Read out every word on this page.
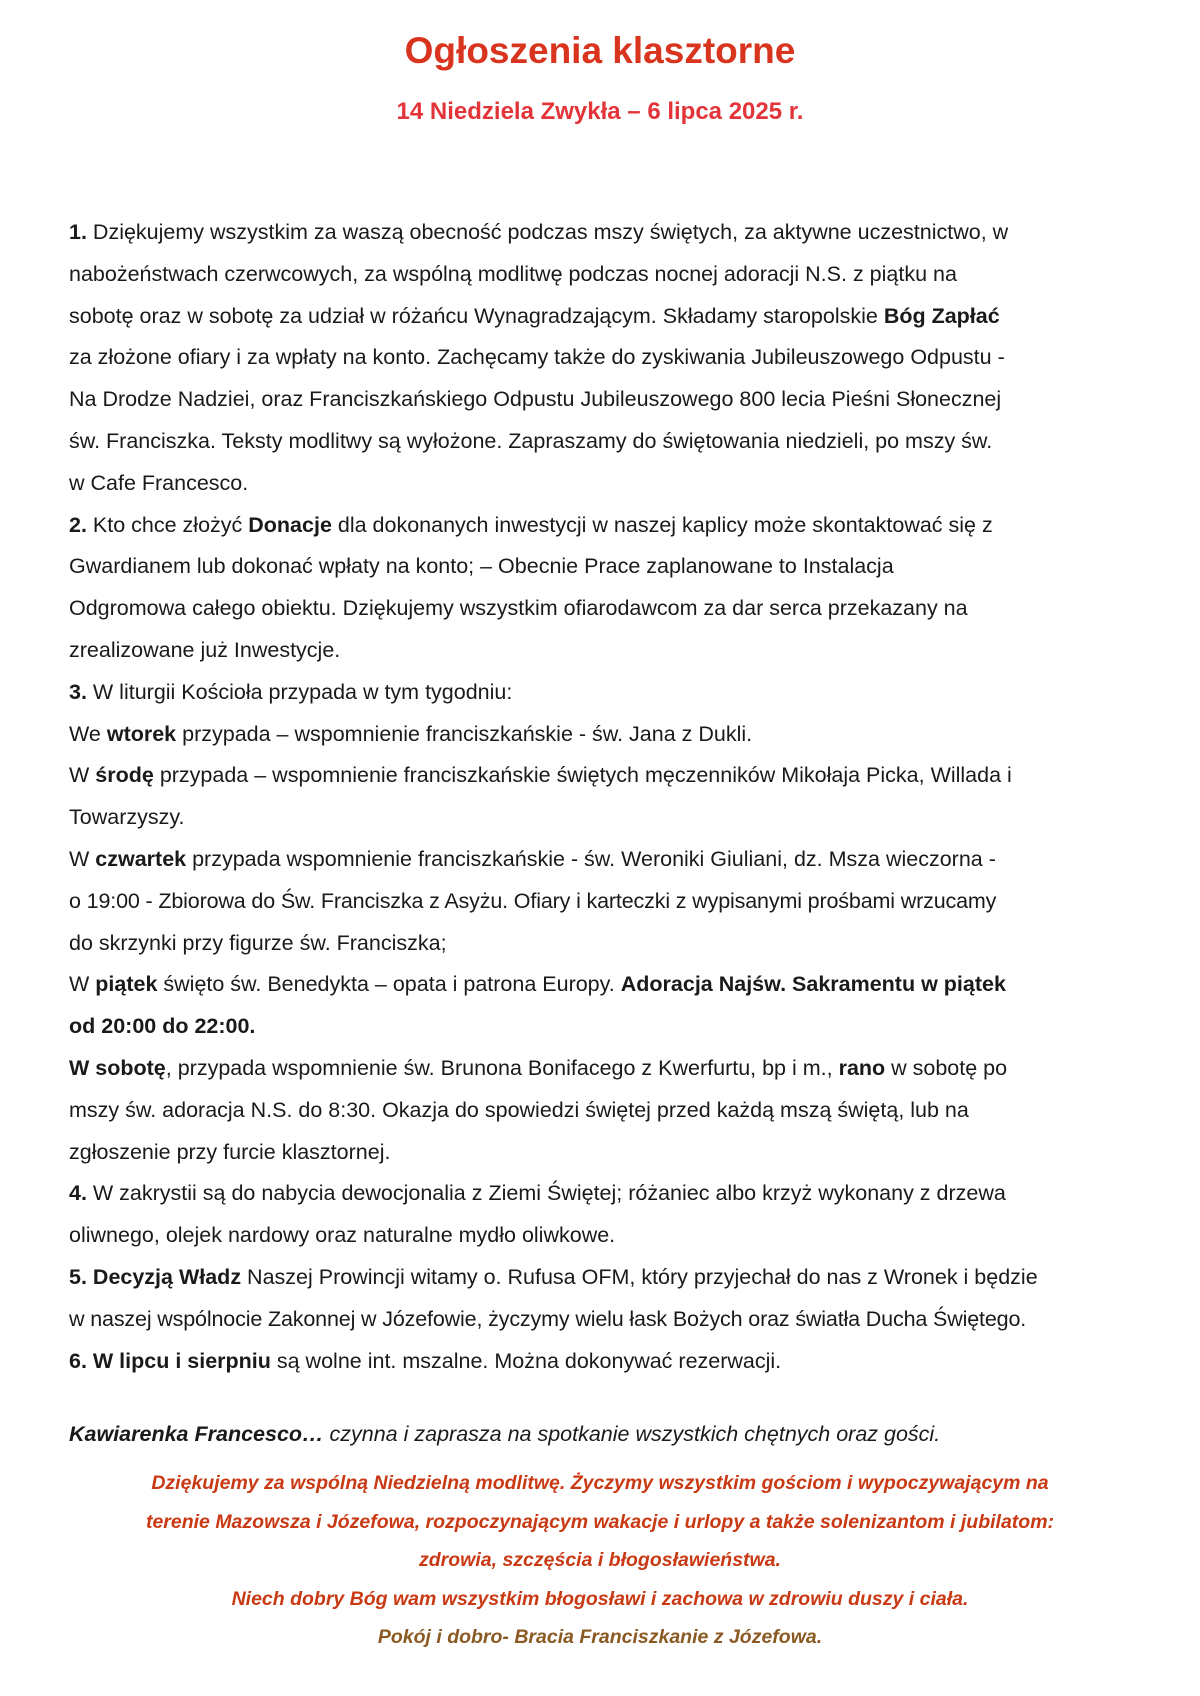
Ogłoszenia klasztorne
14 Niedziela Zwykła – 6 lipca 2025 r.
1. Dziękujemy wszystkim za waszą obecność podczas mszy świętych, za aktywne uczestnictwo, w
nabożeństwach czerwcowych, za wspólną modlitwę podczas nocnej adoracji N.S. z piątku na
sobotę oraz w sobotę za udział w różańcu Wynagradzającym. Składamy staropolskie Bóg Zapłać
za złożone ofiary i za wpłaty na konto. Zachęcamy także do zyskiwania Jubileuszowego Odpustu -
Na Drodze Nadziei, oraz Franciszkańskiego Odpustu Jubileuszowego 800 lecia Pieśni Słonecznej
św. Franciszka. Teksty modlitwy są wyłożone. Zapraszamy do świętowania niedzieli, po mszy św.
w Cafe Francesco.
2. Kto chce złożyć Donacje dla dokonanych inwestycji w naszej kaplicy może skontaktować się z
Gwardianem lub dokonać wpłaty na konto; – Obecnie Prace zaplanowane to Instalacja
Odgromowa całego obiektu. Dziękujemy wszystkim ofiarodawcom za dar serca przekazany na
zrealizowane już Inwestycje.
3. W liturgii Kościoła przypada w tym tygodniu:
We wtorek przypada – wspomnienie franciszkańskie - św. Jana z Dukli.
W środę przypada – wspomnienie franciszkańskie świętych męczenników Mikołaja Picka, Willada i
Towarzyszy.
W czwartek przypada wspomnienie franciszkańskie - św. Weroniki Giuliani, dz. Msza wieczorna -
o 19:00 - Zbiorowa do Św. Franciszka z Asyżu. Ofiary i karteczki z wypisanymi prośbami wrzucamy
do skrzynki przy figurze św. Franciszka;
W piątek święto św. Benedykta – opata i patrona Europy. Adoracja Najśw. Sakramentu w piątek
od 20:00 do 22:00.
W sobotę, przypada wspomnienie św. Brunona Bonifacego z Kwerfurtu, bp i m., rano w sobotę po
mszy św. adoracja N.S. do 8:30. Okazja do spowiedzi świętej przed każdą mszą świętą, lub na
zgłoszenie przy furcie klasztornej.
4. W zakrystii są do nabycia dewocjonalia z Ziemi Świętej; różaniec albo krzyż wykonany z drzewa
oliwnego, olejek nardowy oraz naturalne mydło oliwkowe.
5. Decyzją Władz Naszej Prowincji witamy o. Rufusa OFM, który przyjechał do nas z Wronek i będzie
w naszej wspólnocie Zakonnej w Józefowie, życzymy wielu łask Bożych oraz światła Ducha Świętego.
6. W lipcu i sierpniu są wolne int. mszalne. Można dokonywać rezerwacji.
Kawiarenka Francesco… czynna i zaprasza na spotkanie wszystkich chętnych oraz gości.
Dziękujemy za wspólną Niedzielną modlitwę. Życzymy wszystkim gościom i wypoczywającym na
terenie Mazowsza i Józefowa, rozpoczynającym wakacje i urlopy a także solenizantom i jubilatom:
zdrowia, szczęścia i błogosławieństwa.
Niech dobry Bóg wam wszystkim błogosławi i zachowa w zdrowiu duszy i ciała.
Pokój i dobro- Bracia Franciszkanie z Józefowa.
